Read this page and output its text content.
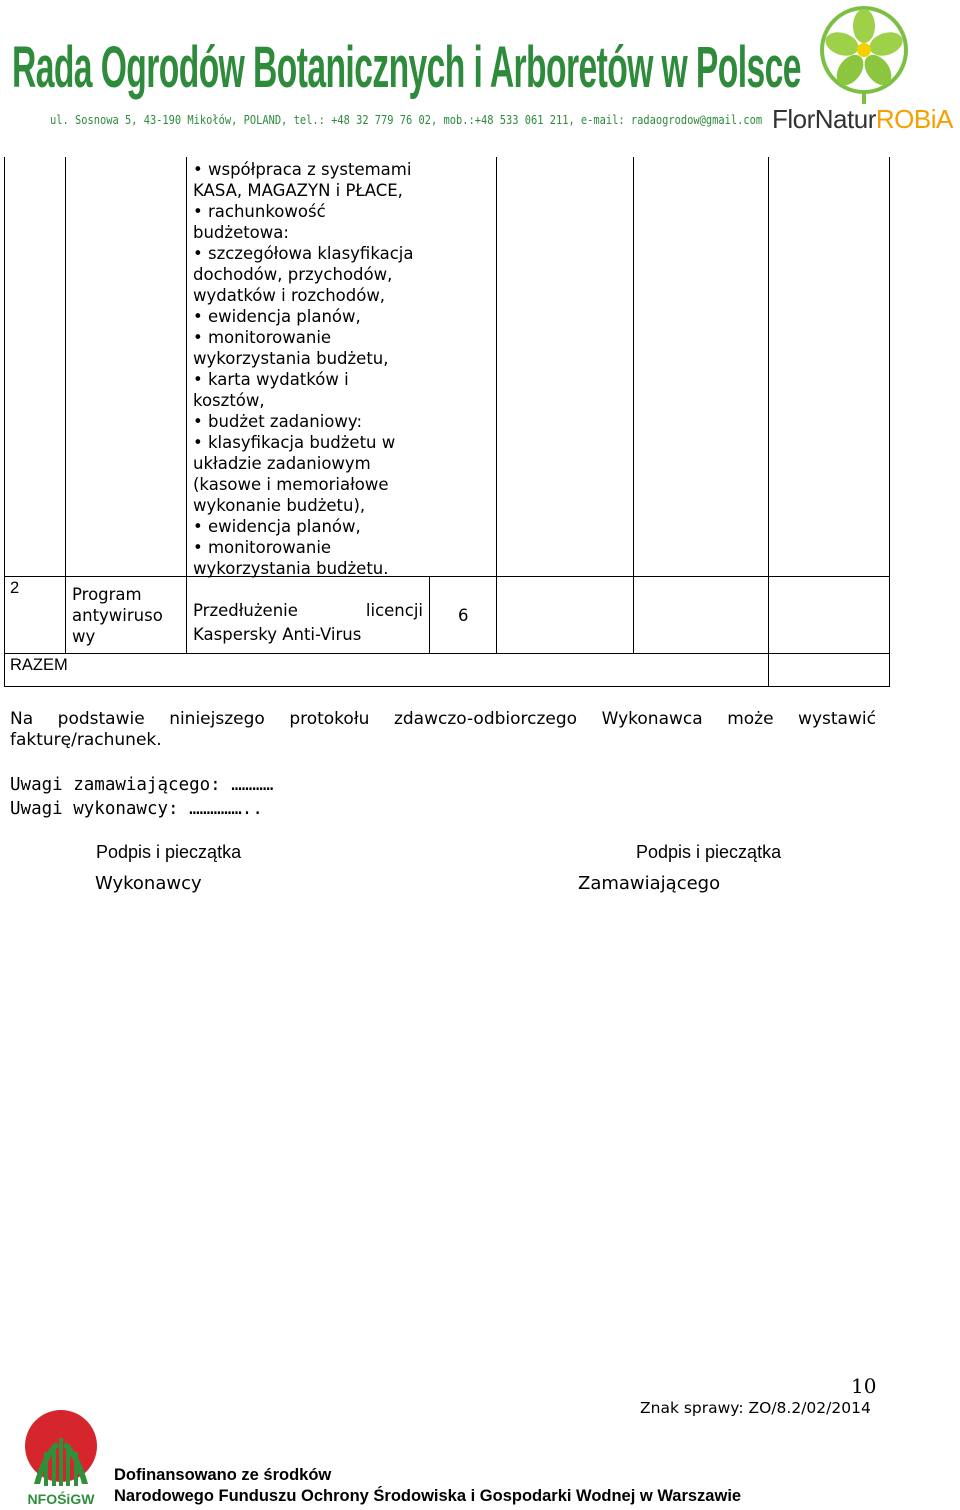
Rada Ogrodów Botanicznych i Arboretów w Polsce
ul. Sosnowa 5, 43-190 Mikołów, POLAND, tel.: +48 32 779 76 02, mob.:+48 533 061 211, e-mail: radaogrodow@gmail.com FlorNaturROBiA
• współpraca z systemami
KASA, MAGAZYN i PŁACE,
• rachunkowość
budżetowa:
• szczegółowa klasyfikacja
dochodów, przychodów,
wydatków i rozchodów,
• ewidencja planów,
• monitorowanie
wykorzystania budżetu,
• karta wydatków i
kosztów,
• budżet zadaniowy:
• klasyfikacja budżetu w
układzie zadaniowym
(kasowe i memoriałowe
wykonanie budżetu),
• ewidencja planów,
• monitorowanie
wykorzystania budżetu.
2	Program
antywiruso
wy
Przedłużenie	licencji
Kaspersky Anti-Virus
6
RAZEM
Na podstawie niniejszego protokołu zdawczo-odbiorczego Wykonawca może wystawić
fakturę/rachunek.
Uwagi zamawiającego: …………
Uwagi wykonawcy: ……………..
Podpis i pieczątka
Wykonawcy
Podpis i pieczątka
Zamawiającego
10
Znak sprawy: ZO/8.2/02/2014
NFOŚiGW
Dofinansowano ze środków
Narodowego Funduszu Ochrony Środowiska i Gospodarki Wodnej w Warszawie
